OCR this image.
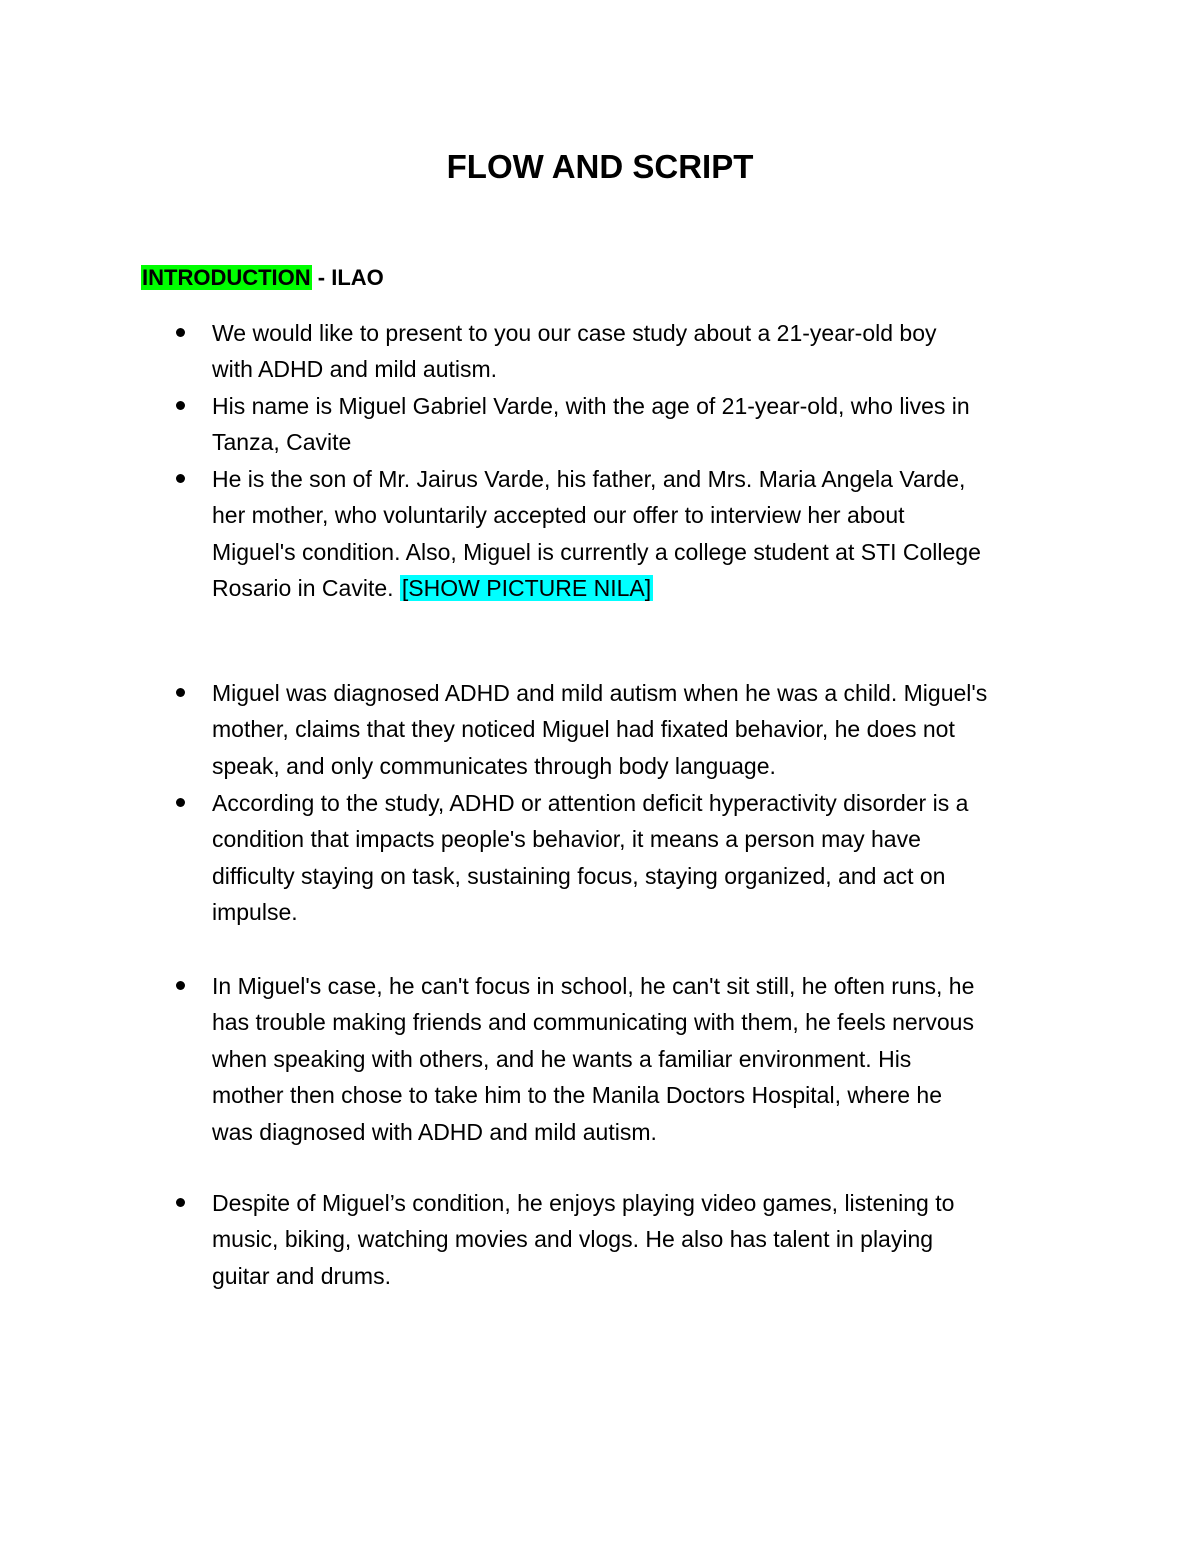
FLOW AND SCRIPT

INTRODUCTION - ILAO

We would like to present to you our case study about a 21-year-old boy
with ADHD and mild autism.
His name is Miguel Gabriel Varde, with the age of 21-year-old, who lives in
Tanza, Cavite
He is the son of Mr. Jairus Varde, his father, and Mrs. Maria Angela Varde,
her mother, who voluntarily accepted our offer to interview her about
Miguel's condition. Also, Miguel is currently a college student at STI College
Rosario in Cavite. [SHOW PICTURE NILA]
Miguel was diagnosed ADHD and mild autism when he was a child. Miguel's
mother, claims that they noticed Miguel had fixated behavior, he does not
speak, and only communicates through body language.
According to the study, ADHD or attention deficit hyperactivity disorder is a
condition that impacts people's behavior, it means a person may have
difficulty staying on task, sustaining focus, staying organized, and act on
impulse.
In Miguel's case, he can't focus in school, he can't sit still, he often runs, he
has trouble making friends and communicating with them, he feels nervous
when speaking with others, and he wants a familiar environment. His
mother then chose to take him to the Manila Doctors Hospital, where he
was diagnosed with ADHD and mild autism.
Despite of Miguel’s condition, he enjoys playing video games, listening to
music, biking, watching movies and vlogs. He also has talent in playing
guitar and drums.
